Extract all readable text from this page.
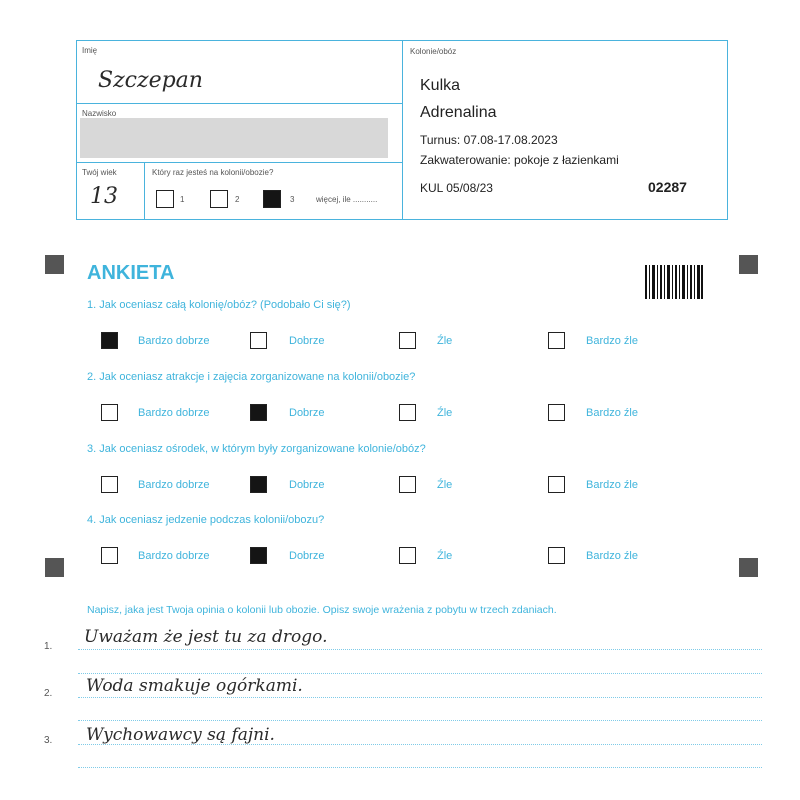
Imię
Szczepan
Nazwisko
Twój wiek
13
Który raz jesteś na kolonii/obozie?
1	2	3	więcej, ile ...........
Kolonie/obóz
Kulka
Adrenalina
Turnus: 07.08-17.08.2023
Zakwaterowanie: pokoje z łazienkami
KUL 05/08/23	02287
ANKIETA
1. Jak oceniasz całą kolonię/obóz? (Podobało Ci się?)
Bardzo dobrze	Dobrze	Źle	Bardzo źle
2. Jak oceniasz atrakcje i zajęcia zorganizowane na kolonii/obozie?
Bardzo dobrze	Dobrze	Źle	Bardzo źle
3. Jak oceniasz ośrodek, w którym były zorganizowane kolonie/obóz?
Bardzo dobrze	Dobrze	Źle	Bardzo źle
4. Jak oceniasz jedzenie podczas kolonii/obozu?
Bardzo dobrze	Dobrze	Źle	Bardzo źle
Napisz, jaka jest Twoja opinia o kolonii lub obozie. Opisz swoje wrażenia z pobytu w trzech zdaniach.
1. Uważam że jest tu za drogo.
2. Woda smakuje ogórkami.
3. Wychowawcy są fajni.
